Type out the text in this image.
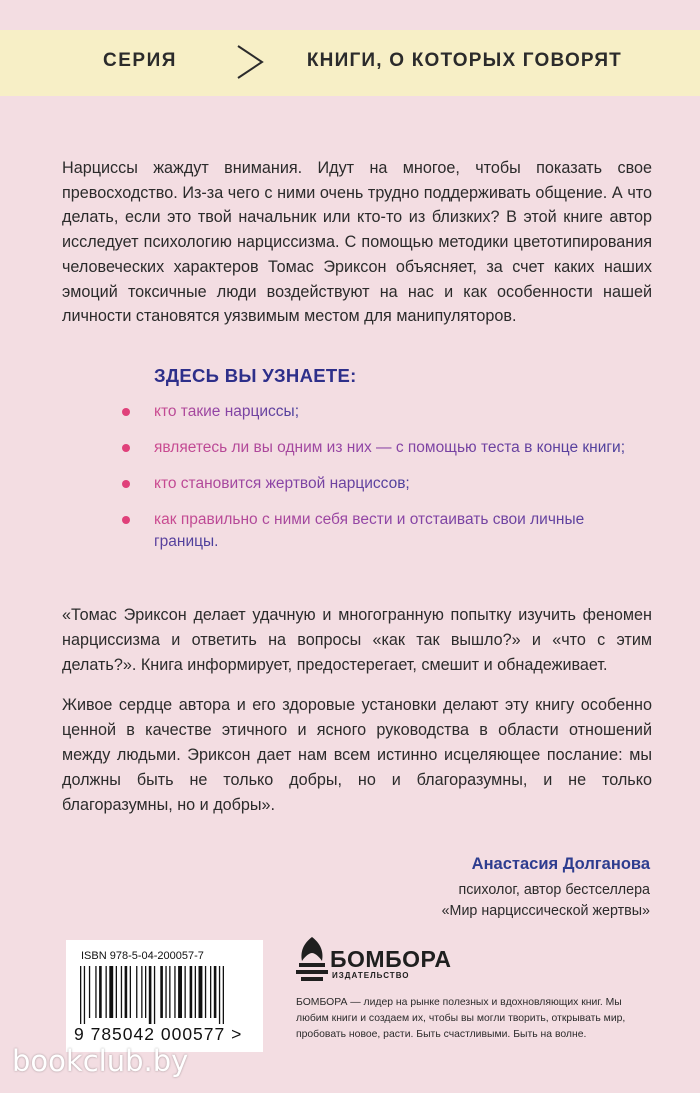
СЕРИЯ	КНИГИ, О КОТОРЫХ ГОВОРЯТ
Нарциссы жаждут внимания. Идут на многое, чтобы показать свое превосходство. Из-за чего с ними очень трудно поддерживать общение. А что делать, если это твой начальник или кто-то из близких? В этой книге автор исследует психологию нарциссизма. С помощью методики цветотипирования человеческих характеров Томас Эриксон объясняет, за счет каких наших эмоций токсичные люди воздействуют на нас и как особенности нашей личности становятся уязвимым местом для манипуляторов.
ЗДЕСЬ ВЫ УЗНАЕТЕ:
кто такие нарциссы;
являетесь ли вы одним из них — с помощью теста в конце книги;
кто становится жертвой нарциссов;
как правильно с ними себя вести и отстаивать свои личные границы.

«Томас Эриксон делает удачную и многогранную попытку изучить феномен нарциссизма и ответить на вопросы «как так вышло?» и «что с этим делать?». Книга информирует, предостерегает, смешит и обнадеживает.

Живое сердце автора и его здоровые установки делают эту книгу особенно ценной в качестве этичного и ясного руководства в области отношений между людьми. Эриксон дает нам всем истинно исцеляющее послание: мы должны быть не только добры, но и благоразумны, и не только благоразумны, но и добры».

Анастасия Долганова
психолог, автор бестселлера
«Мир нарциссической жертвы»
ISBN 978-5-04-200057-7
9 785042 000577 >
БОМБОРА
ИЗДАТЕЛЬСТВО
БОМБОРА — лидер на рынке полезных и вдохновляющих книг. Мы любим книги и создаем их, чтобы вы могли творить, открывать мир, пробовать новое, расти. Быть счастливыми. Быть на волне.
bookclub.by
